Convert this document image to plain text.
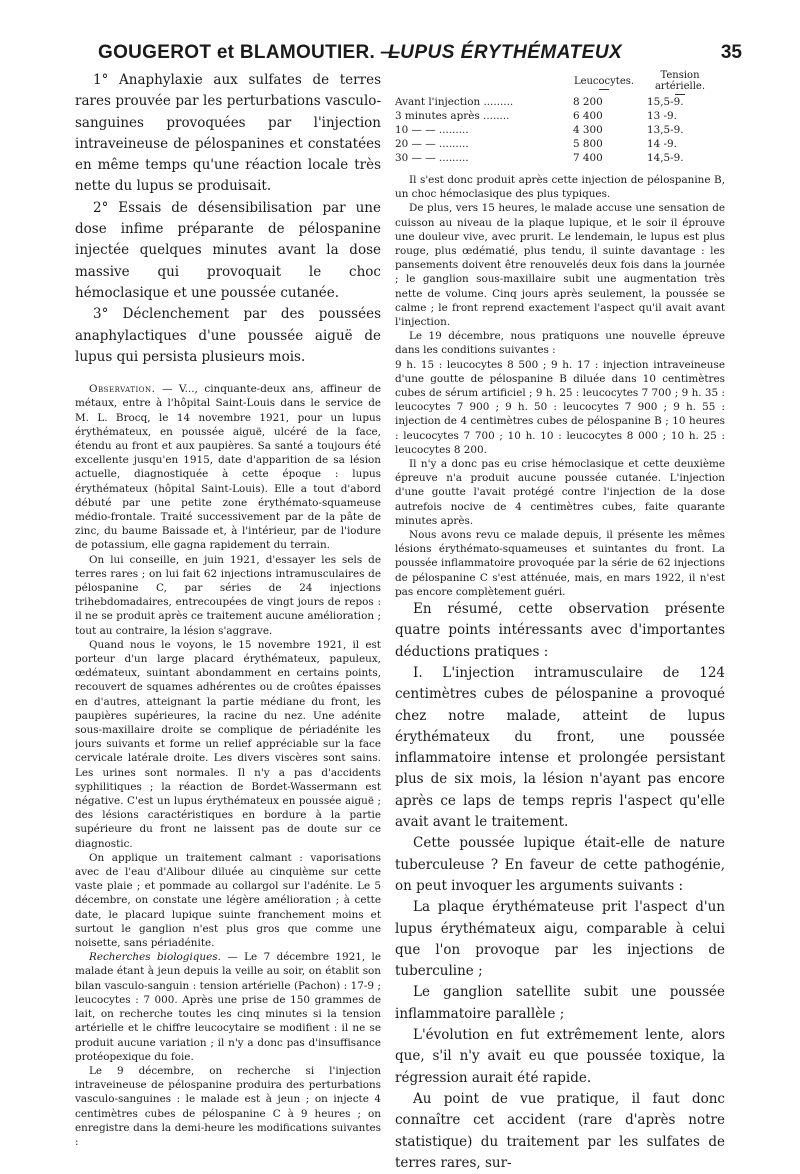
GOUGEROT et BLAMOUTIER. —
LUPUS ÉRYTHÉMATEUX	35

1° Anaphylaxie aux sulfates de terres rares prouvée par les perturbations vasculo-sanguines provoquées par l'injection intraveineuse de pélospanines et constatées en même temps qu'une réaction locale très nette du lupus se produisait.

2° Essais de désensibilisation par une dose infime préparante de pélospanine injectée quelques minutes avant la dose massive qui provoquait le choc hémoclasique et une poussée cutanée.

3° Déclenchement par des poussées anaphylactiques d'une poussée aiguë de lupus qui persista plusieurs mois.

Observation. — V..., cinquante-deux ans, affineur de métaux, entre à l'hôpital Saint-Louis dans le service de M. L. Brocq, le 14 novembre 1921, pour un lupus érythémateux, en poussée aiguë, ulcéré de la face, étendu au front et aux paupières. Sa santé a toujours été excellente jusqu'en 1915, date d'apparition de sa lésion actuelle, diagnostiquée à cette époque : lupus érythémateux (hôpital Saint-Louis). Elle a tout d'abord débuté par une petite zone érythémato-squameuse médio-frontale. Traité successivement par de la pâte de zinc, du baume Baissade et, à l'intérieur, par de l'iodure de potassium, elle gagna rapidement du terrain.

On lui conseille, en juin 1921, d'essayer les sels de terres rares ; on lui fait 62 injections intramusculaires de pélospanine C, par séries de 24 injections trihebdomadaires, entrecoupées de vingt jours de repos : il ne se produit après ce traitement aucune amélioration ; tout au contraire, la lésion s'aggrave.

Quand nous le voyons, le 15 novembre 1921, il est porteur d'un large placard érythémateux, papuleux, œdémateux, suintant abondamment en certains points, recouvert de squames adhérentes ou de croûtes épaisses en d'autres, atteignant la partie médiane du front, les paupières supérieures, la racine du nez. Une adénite sous-maxillaire droite se complique de périadénite les jours suivants et forme un relief appréciable sur la face cervicale latérale droite. Les divers viscères sont sains. Les urines sont normales. Il n'y a pas d'accidents syphilitiques ; la réaction de Bordet-Wassermann est négative. C'est un lupus érythémateux en poussée aiguë ; des lésions caractéristiques en bordure à la partie supérieure du front ne laissent pas de doute sur ce diagnostic.

On applique un traitement calmant : vaporisations avec de l'eau d'Alibour diluée au cinquième sur cette vaste plaie ; et pommade au collargol sur l'adénite. Le 5 décembre, on constate une légère amélioration ; à cette date, le placard lupique suinte franchement moins et surtout le ganglion n'est plus gros que comme une noisette, sans périadénite.

Recherches biologiques. — Le 7 décembre 1921, le malade étant à jeun depuis la veille au soir, on établit son bilan vasculo-sanguin : tension artérielle (Pachon) : 17-9 ; leucocytes : 7 000. Après une prise de 150 grammes de lait, on recherche toutes les cinq minutes si la tension artérielle et le chiffre leucocytaire se modifient : il ne se produit aucune variation ; il n'y a donc pas d'insuffisance protéopexique du foie.

Le 9 décembre, on recherche si l'injection intraveineuse de pélospanine produira des perturbations vasculo-sanguines : le malade est à jeun ; on injecte 4 centimètres cubes de pélospanine C à 9 heures ; on enregistre dans la demi-heure les modifications suivantes :

	Leucocytes.	Tension artérielle.

Avant l'injection .........	8 200	15,5-9.
3 minutes après ........	6 400	13 -9.
10 — — .........	4 300	13,5-9.
20 — — .........	5 800	14 -9.
30 — — .........	7 400	14,5-9.

Il s'est donc produit après cette injection de pélospanine B, un choc hémoclasique des plus typiques.

De plus, vers 15 heures, le malade accuse une sensation de cuisson au niveau de la plaque lupique, et le soir il éprouve une douleur vive, avec prurit. Le lendemain, le lupus est plus rouge, plus œdématié, plus tendu, il suinte davantage : les pansements doivent être renouvelés deux fois dans la journée ; le ganglion sous-maxillaire subit une augmentation très nette de volume. Cinq jours après seulement, la poussée se calme ; le front reprend exactement l'aspect qu'il avait avant l'injection.

Le 19 décembre, nous pratiquons une nouvelle épreuve dans les conditions suivantes :

9 h. 15 : leucocytes 8 500 ; 9 h. 17 : injection intraveineuse d'une goutte de pélospanine B diluée dans 10 centimètres cubes de sérum artificiel ; 9 h. 25 : leucocytes 7 700 ; 9 h. 35 : leucocytes 7 900 ; 9 h. 50 : leucocytes 7 900 ; 9 h. 55 : injection de 4 centimètres cubes de pélospanine B ; 10 heures : leucocytes 7 700 ; 10 h. 10 : leucocytes 8 000 ; 10 h. 25 : leucocytes 8 200.

Il n'y a donc pas eu crise hémoclasique et cette deuxième épreuve n'a produit aucune poussée cutanée. L'injection d'une goutte l'avait protégé contre l'injection de la dose autrefois nocive de 4 centimètres cubes, faite quarante minutes après.

Nous avons revu ce malade depuis, il présente les mêmes lésions érythémato-squameuses et suintantes du front. La poussée inflammatoire provoquée par la série de 62 injections de pélospanine C s'est atténuée, mais, en mars 1922, il n'est pas encore complètement guéri.

En résumé, cette observation présente quatre points intéressants avec d'importantes déductions pratiques :

I. L'injection intramusculaire de 124 centimètres cubes de pélospanine a provoqué chez notre malade, atteint de lupus érythémateux du front, une poussée inflammatoire intense et prolongée persistant plus de six mois, la lésion n'ayant pas encore après ce laps de temps repris l'aspect qu'elle avait avant le traitement.

Cette poussée lupique était-elle de nature tuberculeuse ? En faveur de cette pathogénie, on peut invoquer les arguments suivants :

La plaque érythémateuse prit l'aspect d'un lupus érythémateux aigu, comparable à celui que l'on provoque par les injections de tuberculine ;

Le ganglion satellite subit une poussée inflammatoire parallèle ;

L'évolution en fut extrêmement lente, alors que, s'il n'y avait eu que poussée toxique, la régression aurait été rapide.

Au point de vue pratique, il faut donc connaître cet accident (rare d'après notre statistique) du traitement par les sulfates de terres rares, sur-
